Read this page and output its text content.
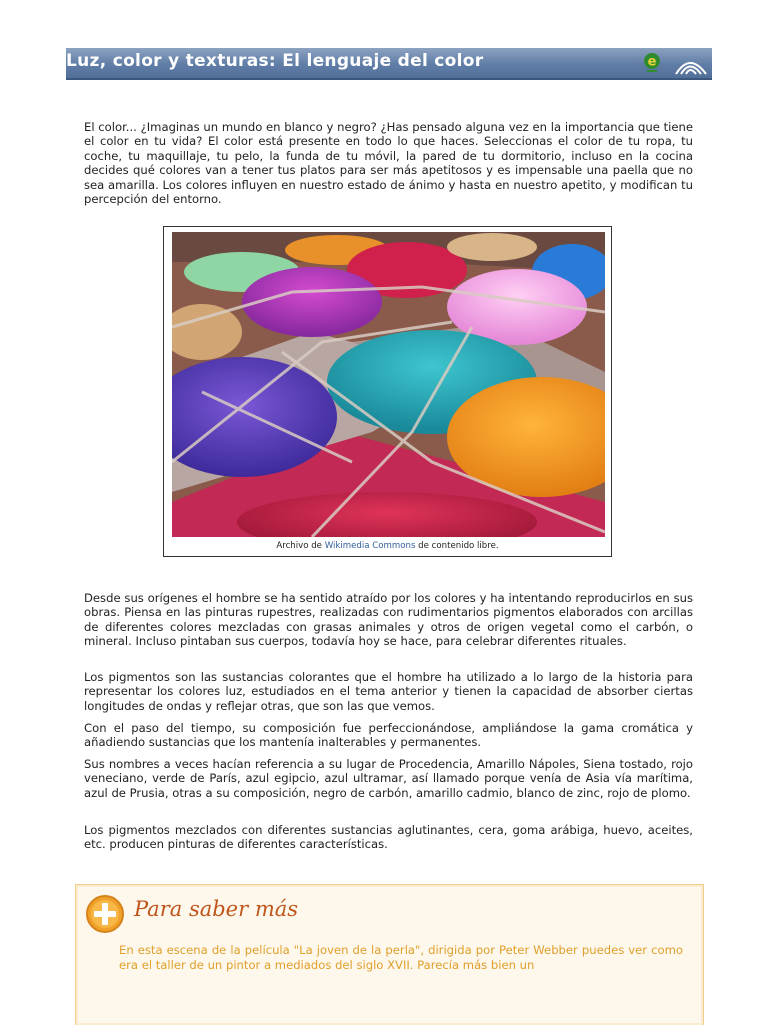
Luz, color y texturas: El lenguaje del color	e

El color... ¿Imaginas un mundo en blanco y negro? ¿Has pensado alguna vez en la importancia que tiene el color en tu vida? El color está presente en todo lo que haces. Seleccionas el color de tu ropa, tu coche, tu maquillaje, tu pelo, la funda de tu móvil, la pared de tu dormitorio, incluso en la cocina decides qué colores van a tener tus platos para ser más apetitosos y es impensable una paella que no sea amarilla. Los colores influyen en nuestro estado de ánimo y hasta en nuestro apetito, y modifican tu percepción del entorno.

Archivo de Wikimedia Commons de contenido libre.

Desde sus orígenes el hombre se ha sentido atraído por los colores y ha intentando reproducirlos en sus obras. Piensa en las pinturas rupestres, realizadas con rudimentarios pigmentos elaborados con arcillas de diferentes colores mezcladas con grasas animales y otros de origen vegetal como el carbón, o mineral. Incluso pintaban sus cuerpos, todavía hoy se hace, para celebrar diferentes rituales.

Los pigmentos son las sustancias colorantes que el hombre ha utilizado a lo largo de la historia para representar los colores luz, estudiados en el tema anterior y tienen la capacidad de absorber ciertas longitudes de ondas y reflejar otras, que son las que vemos.

Con el paso del tiempo, su composición fue perfeccionándose, ampliándose la gama cromática y añadiendo sustancias que los mantenía inalterables y permanentes.

Sus nombres a veces hacían referencia a su lugar de Procedencia, Amarillo Nápoles, Siena tostado, rojo veneciano, verde de París, azul egipcio, azul ultramar, así llamado porque venía de Asia vía marítima, azul de Prusia, otras a su composición, negro de carbón, amarillo cadmio, blanco de zinc, rojo de plomo.

Los pigmentos mezclados con diferentes sustancias aglutinantes, cera, goma arábiga, huevo, aceites, etc. producen pinturas de diferentes características.

Para saber más

En esta escena de la película "La joven de la perla", dirigida por Peter Webber puedes ver como era el taller de un pintor a mediados del siglo XVII. Parecía más bien un
